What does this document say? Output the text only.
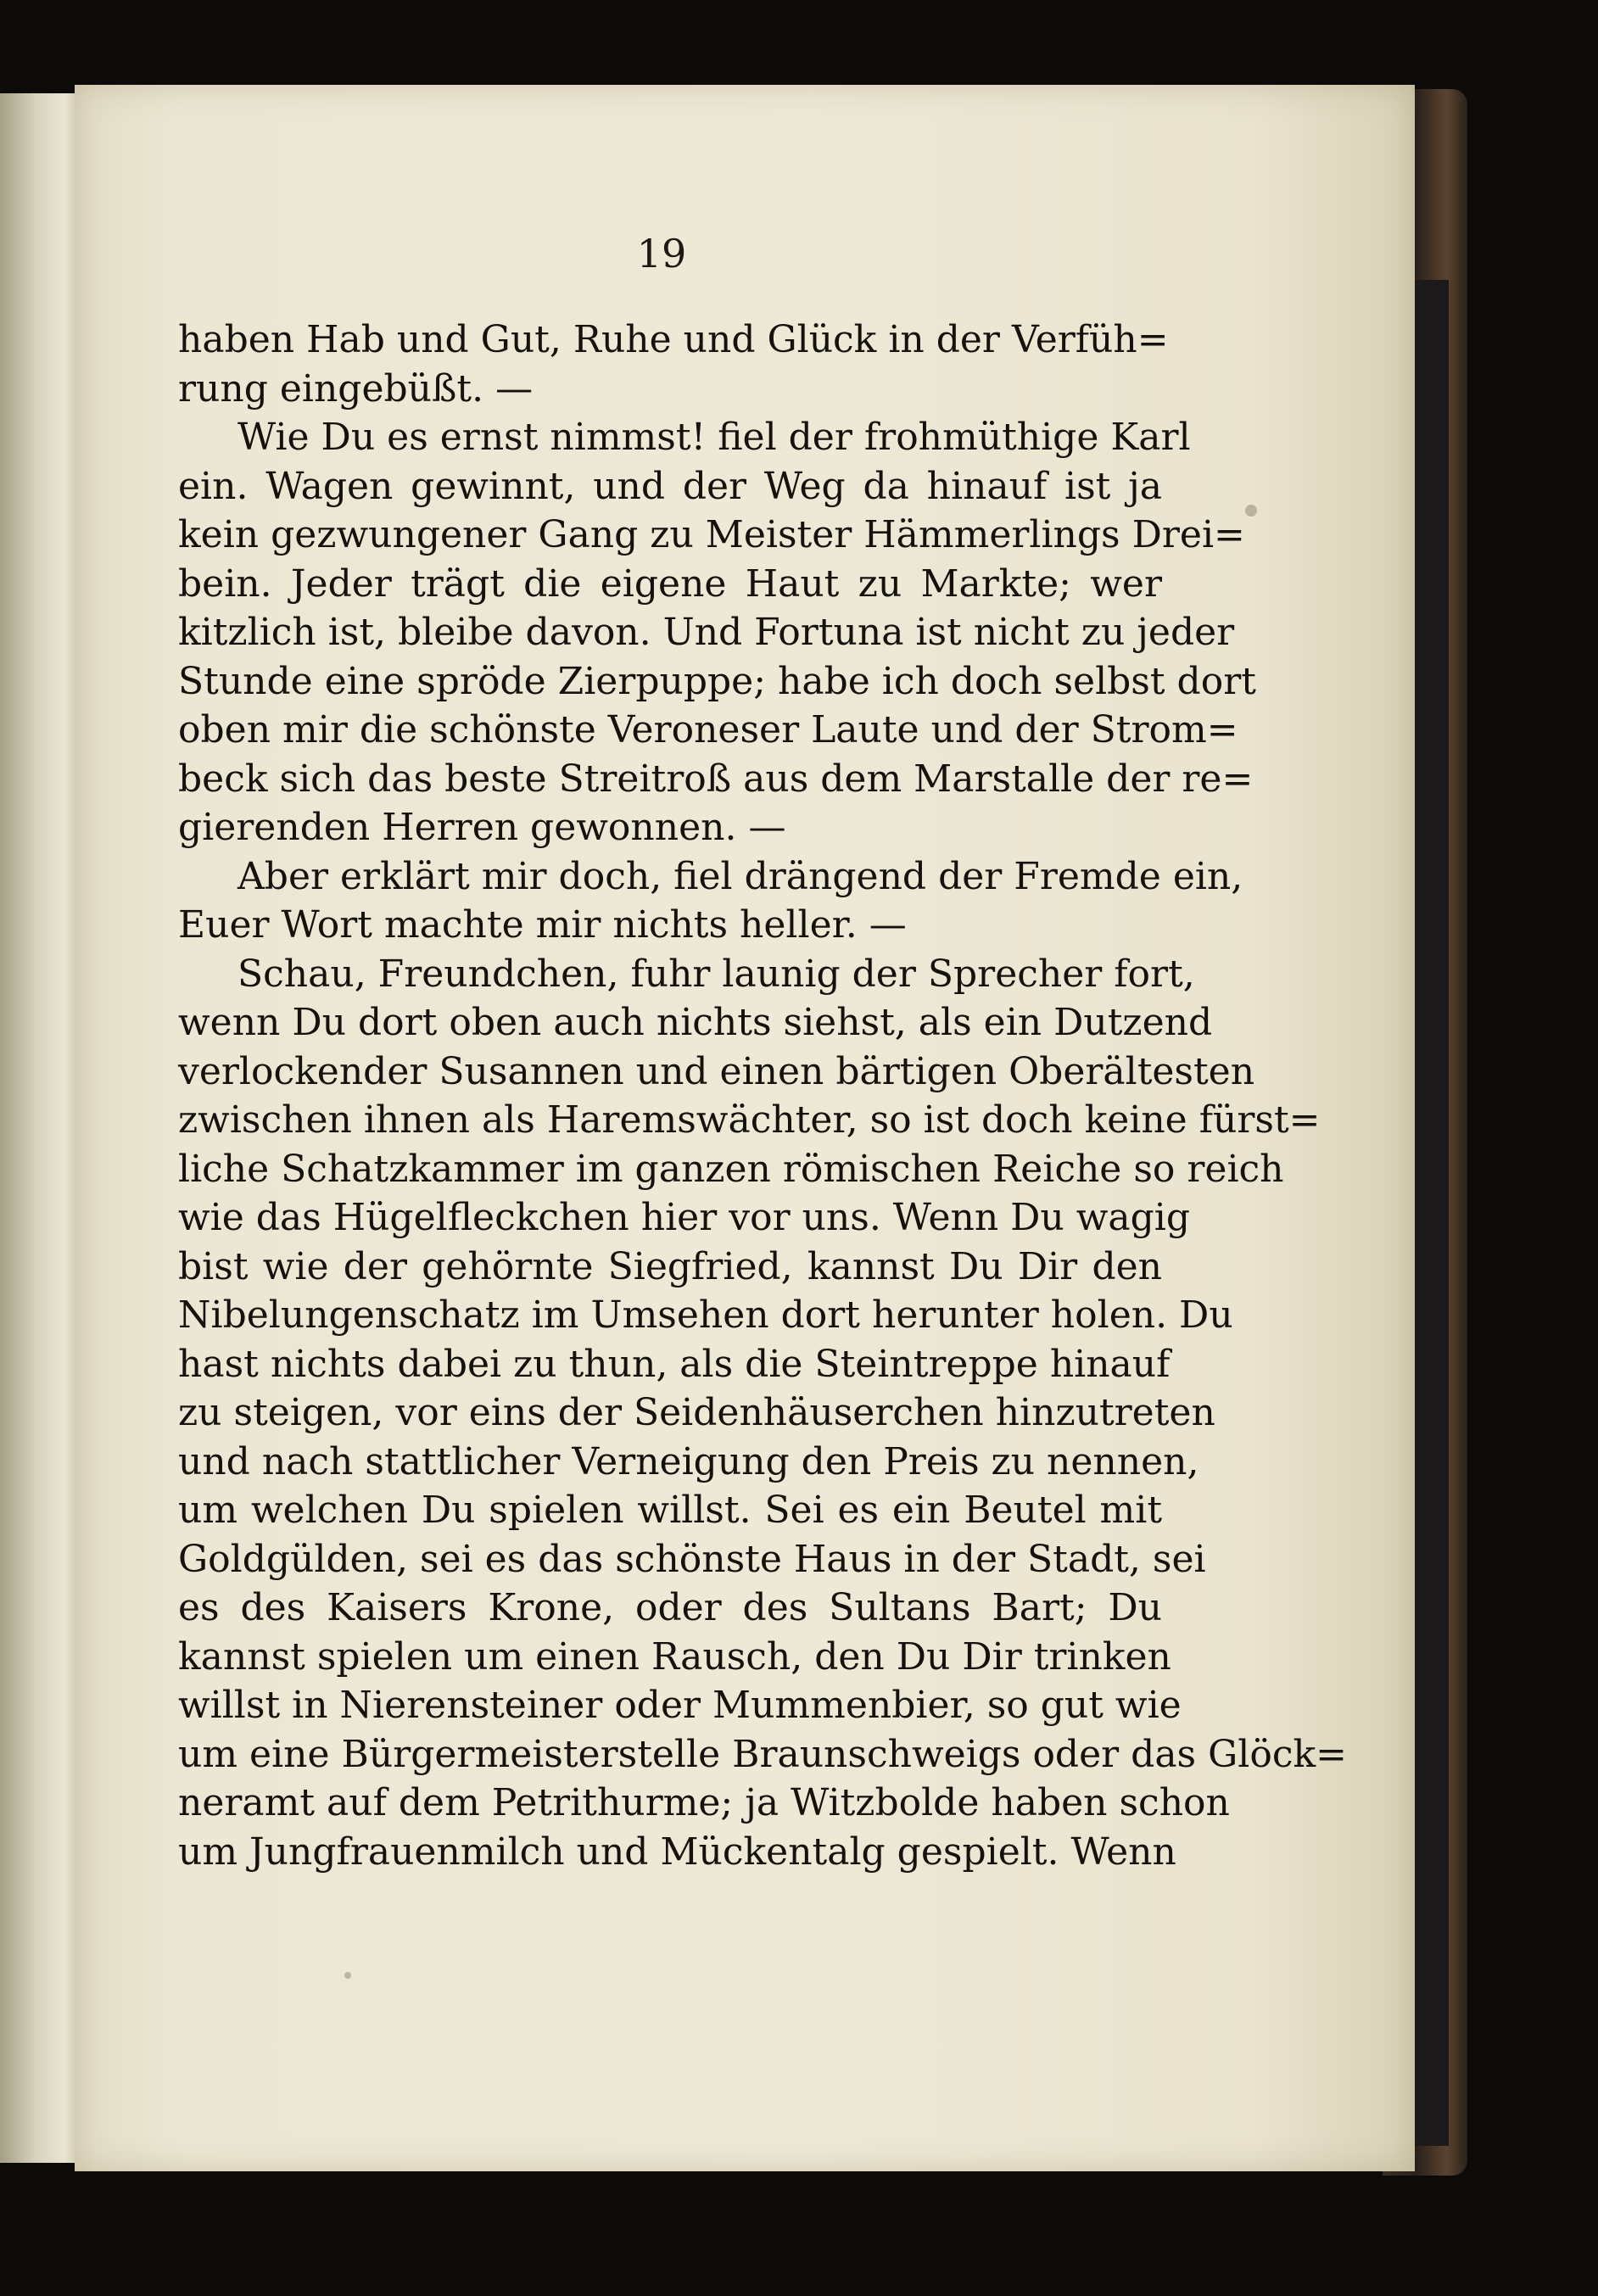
19
haben Hab und Gut, Ruhe und Glück in der Verfüh=
rung eingebüßt. —
Wie Du es ernst nimmst! fiel der frohmüthige Karl
ein. Wagen gewinnt, und der Weg da hinauf ist ja
kein gezwungener Gang zu Meister Hämmerlings Drei=
bein. Jeder trägt die eigene Haut zu Markte; wer
kitzlich ist, bleibe davon. Und Fortuna ist nicht zu jeder
Stunde eine spröde Zierpuppe; habe ich doch selbst dort
oben mir die schönste Veroneser Laute und der Strom=
beck sich das beste Streitroß aus dem Marstalle der re=
gierenden Herren gewonnen. —
Aber erklärt mir doch, fiel drängend der Fremde ein,
Euer Wort machte mir nichts heller. —
Schau, Freundchen, fuhr launig der Sprecher fort,
wenn Du dort oben auch nichts siehst, als ein Dutzend
verlockender Susannen und einen bärtigen Oberältesten
zwischen ihnen als Haremswächter, so ist doch keine fürst=
liche Schatzkammer im ganzen römischen Reiche so reich
wie das Hügelfleckchen hier vor uns. Wenn Du wagig
bist wie der gehörnte Siegfried, kannst Du Dir den
Nibelungenschatz im Umsehen dort herunter holen. Du
hast nichts dabei zu thun, als die Steintreppe hinauf
zu steigen, vor eins der Seidenhäuserchen hinzutreten
und nach stattlicher Verneigung den Preis zu nennen,
um welchen Du spielen willst. Sei es ein Beutel mit
Goldgülden, sei es das schönste Haus in der Stadt, sei
es des Kaisers Krone, oder des Sultans Bart; Du
kannst spielen um einen Rausch, den Du Dir trinken
willst in Nierensteiner oder Mummenbier, so gut wie
um eine Bürgermeisterstelle Braunschweigs oder das Glöck=
neramt auf dem Petrithurme; ja Witzbolde haben schon
um Jungfrauenmilch und Mückentalg gespielt. Wenn
